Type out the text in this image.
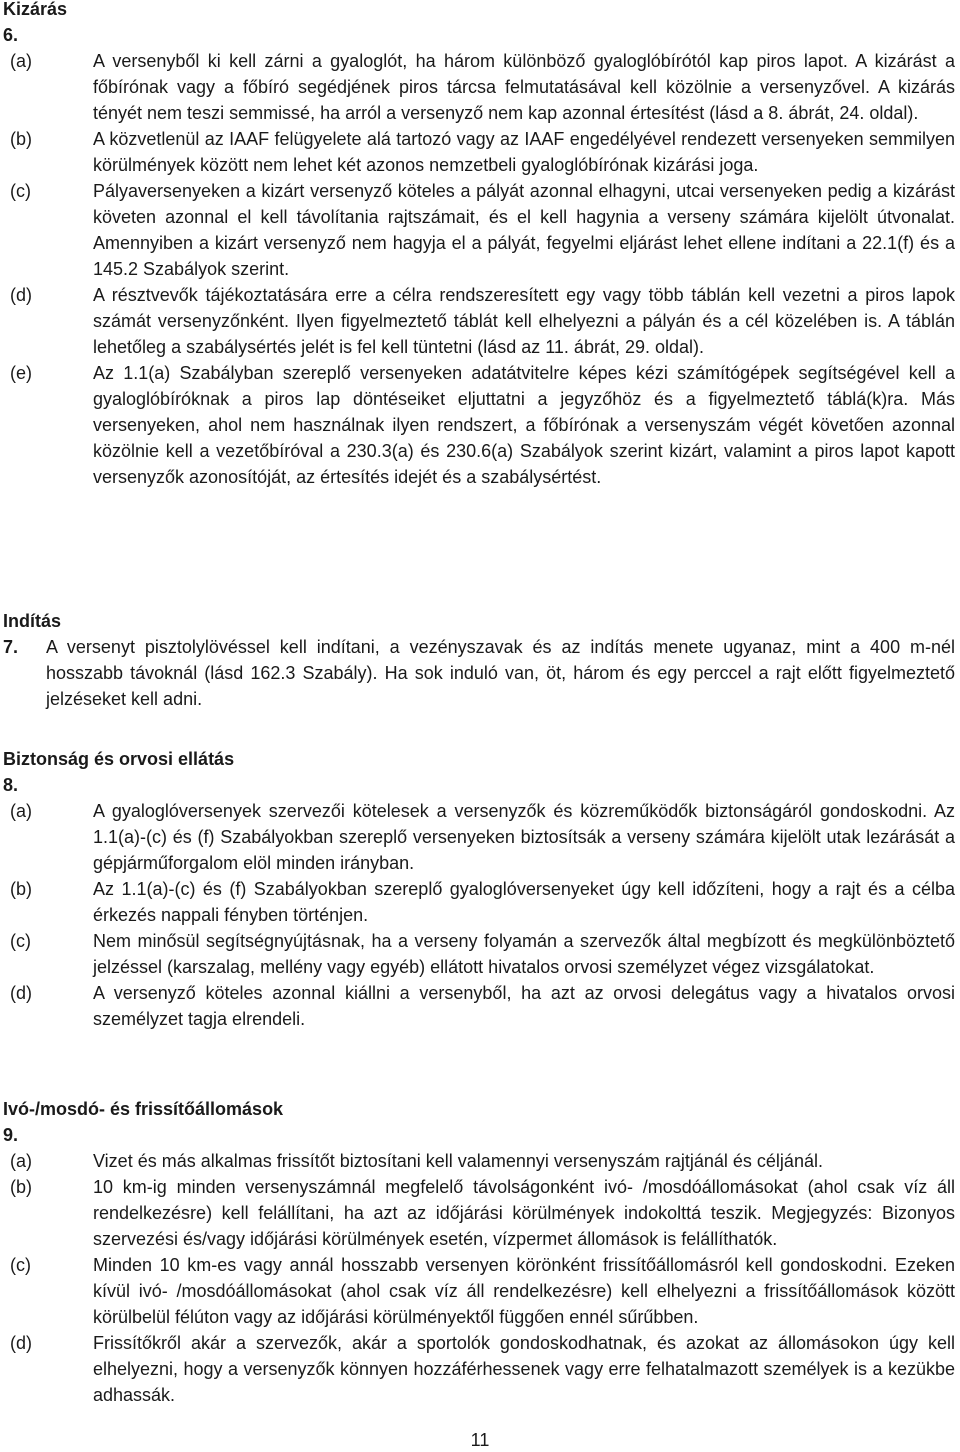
Kizárás
6.
(a)	A versenyből ki kell zárni a gyaloglót, ha három különböző gyaloglóbírótól kap piros lapot. A kizárást a főbírónak vagy a főbíró segédjének piros tárcsa felmutatásával kell közölnie a versenyzővel. A kizárás tényét nem teszi semmissé, ha arról a versenyző nem kap azonnal értesítést (lásd a 8. ábrát, 24. oldal).
(b)	A közvetlenül az IAAF felügyelete alá tartozó vagy az IAAF engedélyével rendezett versenyeken semmilyen körülmények között nem lehet két azonos nemzetbeli gyaloglóbírónak kizárási joga.
(c)	Pályaversenyeken a kizárt versenyző köteles a pályát azonnal elhagyni, utcai versenyeken pedig a kizárást követen azonnal el kell távolítania rajtszámait, és el kell hagynia a verseny számára kijelölt útvonalat. Amennyiben a kizárt versenyző nem hagyja el a pályát, fegyelmi eljárást lehet ellene indítani a 22.1(f) és a 145.2 Szabályok szerint.
(d)	A résztvevők tájékoztatására erre a célra rendszeresített egy vagy több táblán kell vezetni a piros lapok számát versenyzőnként. Ilyen figyelmeztető táblát kell elhelyezni a pályán és a cél közelében is. A táblán lehetőleg a szabálysértés jelét is fel kell tüntetni (lásd az 11. ábrát, 29. oldal).
(e)	Az 1.1(a) Szabályban szereplő versenyeken adatátvitelre képes kézi számítógépek segítségével kell a gyaloglóbíróknak a piros lap döntéseiket eljuttatni a jegyzőhöz és a figyelmeztető táblá(k)ra. Más versenyeken, ahol nem használnak ilyen rendszert, a főbírónak a versenyszám végét követően azonnal közölnie kell a vezetőbíróval a 230.3(a) és 230.6(a) Szabályok szerint kizárt, valamint a piros lapot kapott versenyzők azonosítóját, az értesítés idejét és a szabálysértést.
Indítás
7.	A versenyt pisztolylövéssel kell indítani, a vezényszavak és az indítás menete ugyanaz, mint a 400 m-nél hosszabb távoknál (lásd 162.3 Szabály). Ha sok induló van, öt, három és egy perccel a rajt előtt figyelmeztető jelzéseket kell adni.
Biztonság és orvosi ellátás
8.
(a)	A gyaloglóversenyek szervezői kötelesek a versenyzők és közreműködők biztonságáról gondoskodni. Az 1.1(a)-(c) és (f) Szabályokban szereplő versenyeken biztosítsák a verseny számára kijelölt utak lezárását a gépjárműforgalom elöl minden irányban.
(b)	Az 1.1(a)-(c) és (f) Szabályokban szereplő gyaloglóversenyeket úgy kell időzíteni, hogy a rajt és a célba érkezés nappali fényben történjen.
(c)	Nem minősül segítségnyújtásnak, ha a verseny folyamán a szervezők által megbízott és megkülönböztető jelzéssel (karszalag, mellény vagy egyéb) ellátott hivatalos orvosi személyzet végez vizsgálatokat.
(d)	A versenyző köteles azonnal kiállni a versenyből, ha azt az orvosi delegátus vagy a hivatalos orvosi személyzet tagja elrendeli.
Ivó-/mosdó- és frissítőállomások
9.
(a)	Vizet és más alkalmas frissítőt biztosítani kell valamennyi versenyszám rajtjánál és céljánál.
(b)	10 km-ig minden versenyszámnál megfelelő távolságonként ivó- /mosdóállomásokat (ahol csak víz áll rendelkezésre) kell felállítani, ha azt az időjárási körülmények indokolttá teszik. Megjegyzés: Bizonyos szervezési és/vagy időjárási körülmények esetén, vízpermet állomások is felállíthatók.
(c)	Minden 10 km-es vagy annál hosszabb versenyen körönként frissítőállomásról kell gondoskodni. Ezeken kívül ivó- /mosdóállomásokat (ahol csak víz áll rendelkezésre) kell elhelyezni a frissítőállomások között körülbelül félúton vagy az időjárási körülményektől függően ennél sűrűbben.
(d)	Frissítőkről akár a szervezők, akár a sportolók gondoskodhatnak, és azokat az állomásokon úgy kell elhelyezni, hogy a versenyzők könnyen hozzáférhessenek vagy erre felhatalmazott személyek is a kezükbe adhassák.
11
